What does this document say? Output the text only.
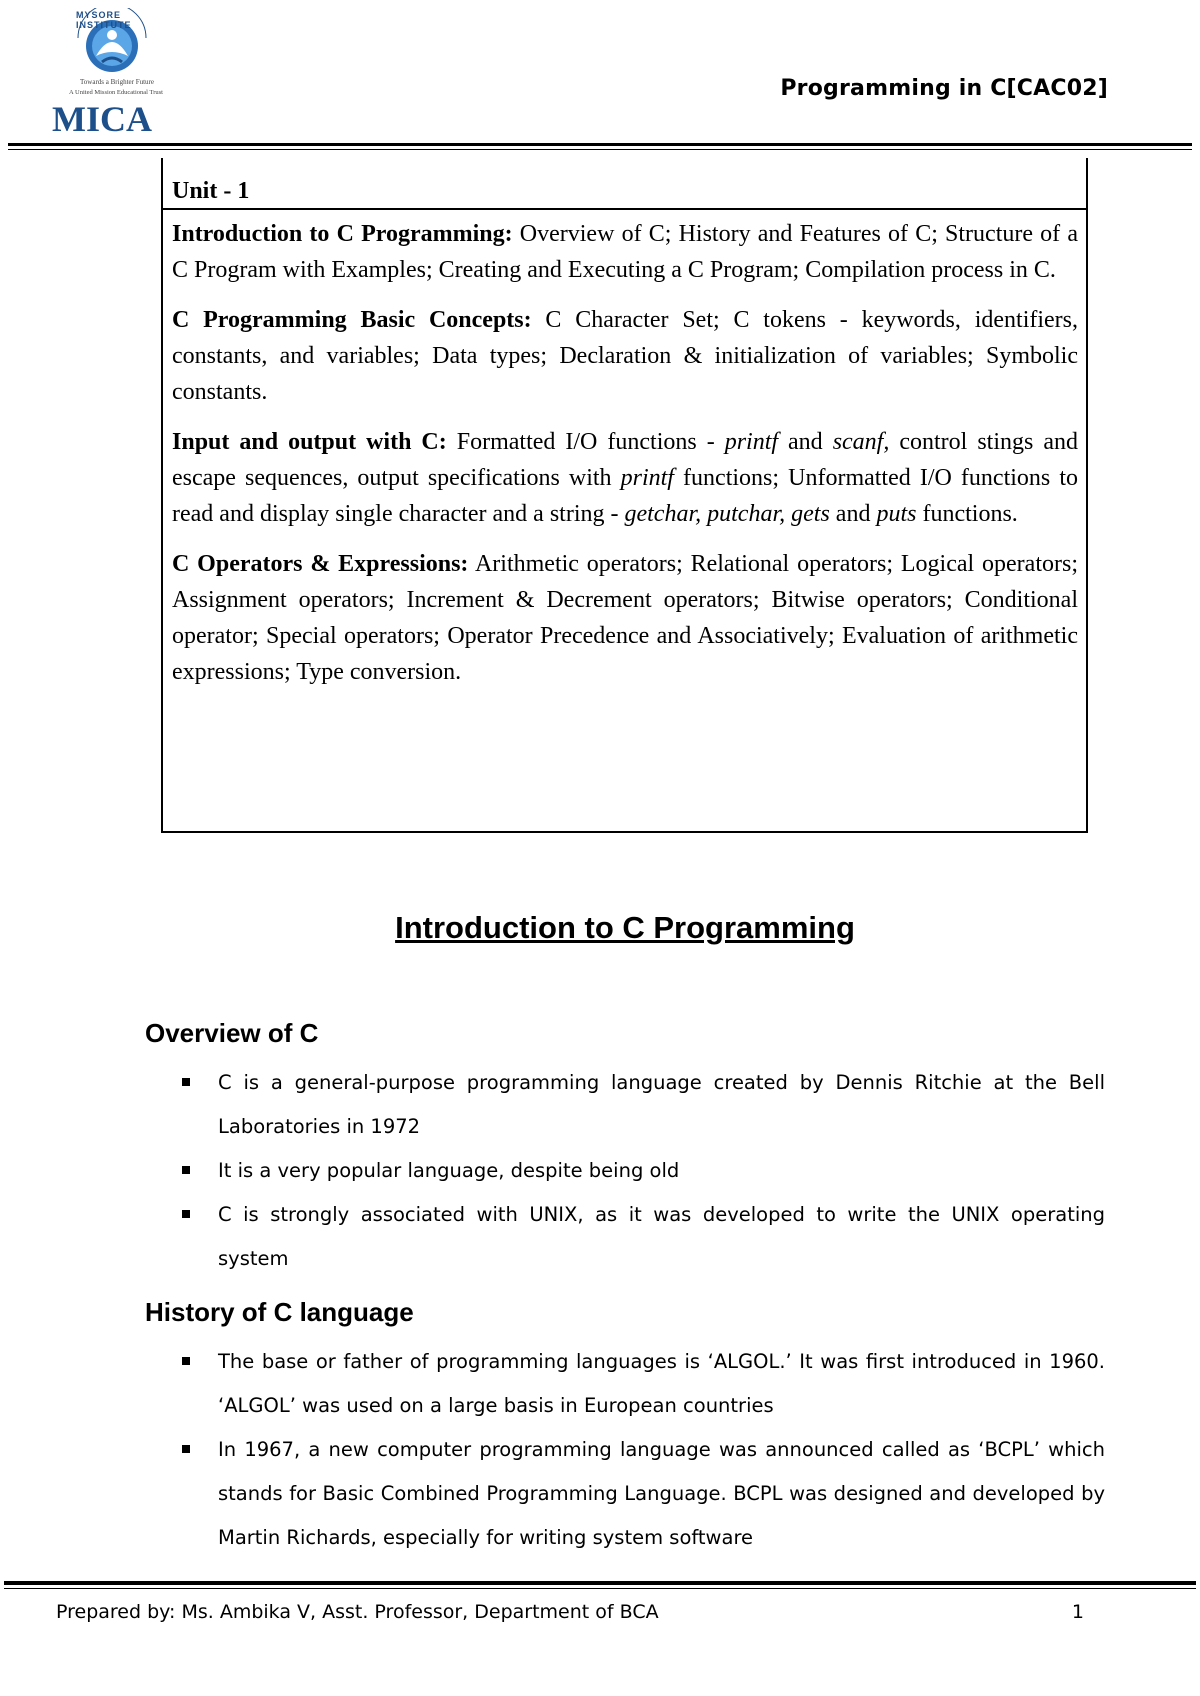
MYSORE INSTITUTE
Towards a Brighter Future
A United Mission Educational Trust
MICA
Programming in C[CAC02]
Unit - 1

Introduction to C Programming: Overview of C; History and Features of C; Structure of a C Program with Examples; Creating and Executing a C Program; Compilation process in C.

C Programming Basic Concepts: C Character Set; C tokens - keywords, identifiers, constants, and variables; Data types; Declaration & initialization of variables; Symbolic constants.

Input and output with C: Formatted I/O functions - printf and scanf, control stings and escape sequences, output specifications with printf functions; Unformatted I/O functions to read and display single character and a string - getchar, putchar, gets and puts functions.

C Operators & Expressions: Arithmetic operators; Relational operators; Logical operators; Assignment operators; Increment & Decrement operators; Bitwise operators; Conditional operator; Special operators; Operator Precedence and Associatively; Evaluation of arithmetic expressions; Type conversion.

Introduction to C Programming
Overview of C
C is a general-purpose programming language created by Dennis Ritchie at the Bell Laboratories in 1972
It is a very popular language, despite being old
C is strongly associated with UNIX, as it was developed to write the UNIX operating system
History of C language
The base or father of programming languages is ‘ALGOL.’ It was first introduced in 1960. ‘ALGOL’ was used on a large basis in European countries
In 1967, a new computer programming language was announced called as ‘BCPL’ which stands for Basic Combined Programming Language. BCPL was designed and developed by Martin Richards, especially for writing system software
Prepared by: Ms. Ambika V, Asst. Professor, Department of BCA	1
